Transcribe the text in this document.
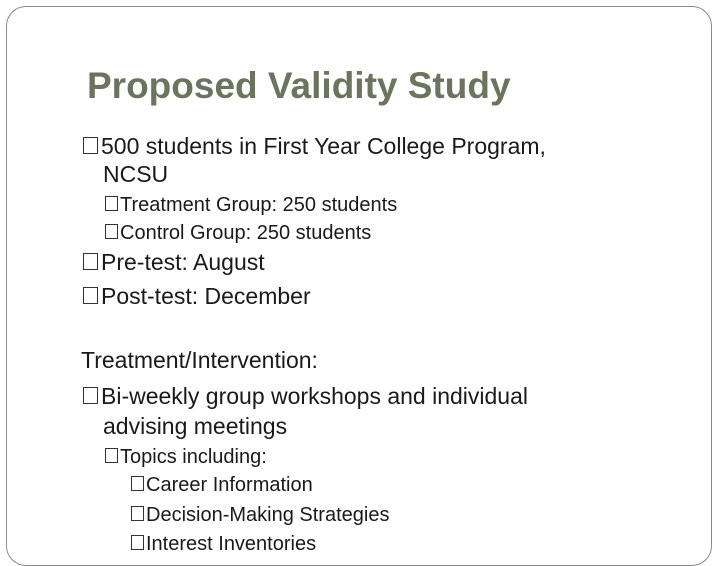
Proposed Validity Study
500 students in First Year College Program,
NCSU
Treatment Group: 250 students
Control Group: 250 students
Pre-test: August
Post-test: December
Treatment/Intervention:
Bi-weekly group workshops and individual
advising meetings
Topics including:
Career Information
Decision-Making Strategies
Interest Inventories
